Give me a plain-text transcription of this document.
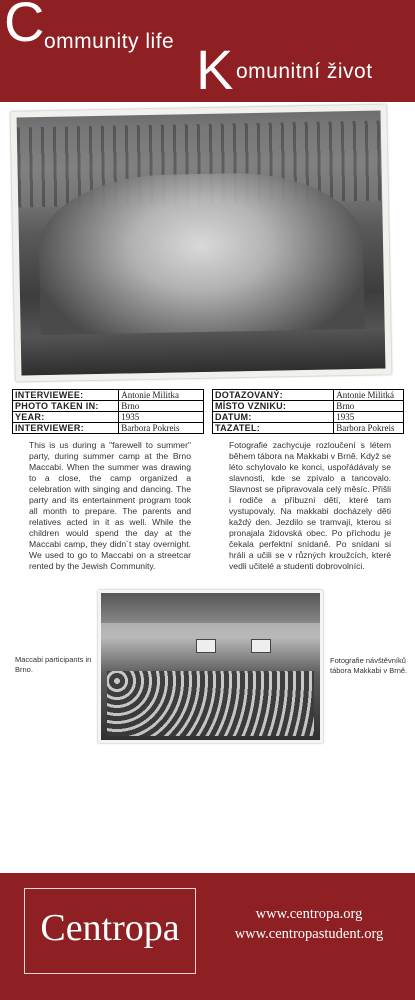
C ommunity life K omunitní život
INTERVIEWEE:	Antonie Militka
PHOTO TAKEN IN:	Brno
YEAR:	1935
INTERVIEWER:	Barbora Pokreis
DOTAZOVANÝ:	Antonie Militká
MÍSTO VZNIKU:	Brno
DATUM:	1935
TAZATEL:	Barbora Pokreis
This is us during a "farewell to summer" party, during summer camp at the Brno Maccabi. When the summer was drawing to a close, the camp organized a celebration with singing and dancing. The party and its entertainment program took all month to prepare. The parents and relatives acted in it as well. While the children would spend the day at the Maccabi camp, they didn´t stay overnight. We used to go to Maccabi on a streetcar rented by the Jewish Community.
Fotografie zachycuje rozloučení s létem během tábora na Makkabi v Brně. Když se léto schylovalo ke konci, uspořádávaly se slavnosti, kde se zpívalo a tancovalo. Slavnost se připravovala celý měsíc. Přišli i rodiče a příbuzní dětí, které tam vystupovaly. Na makkabi docházely děti každý den. Jezdilo se tramvají, kterou si pronajala židovská obec. Po příchodu je čekala perfektní snídaně. Po snídani si hráli a učili se v různých kroužcích, které vedli učitelé a studenti dobrovolníci.
Maccabi participants in Brno.
Fotografie návštěvníků tábora Makkabi v Brně.
Centropa	www.centropa.org
www.centropastudent.org
